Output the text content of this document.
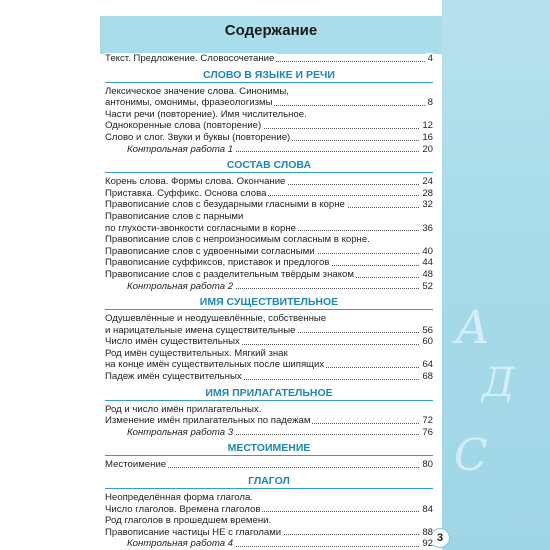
A
Д
С
Содержание
Текст. Предложение. Словосочетание	4
СЛОВО В ЯЗЫКЕ И РЕЧИ
Лексическое значение слова. Синонимы,
антонимы, омонимы, фразеологизмы	8
Части речи (повторение). Имя числительное.
Однокоренные слова (повторение)	12
Слово и слог. Звуки и буквы (повторение)	16
Контрольная работа 1	20
СОСТАВ СЛОВА
Корень слова. Формы слова. Окончание	24
Приставка. Суффикс. Основа слова	28
Правописание слов с безударными гласными в корне	32
Правописание слов с парными
по глухости-звонкости согласными в корне	36
Правописание слов с непроизносимым согласным в корне.
Правописание слов с удвоенными согласными	40
Правописание суффиксов, приставок и предлогов	44
Правописание слов с разделительным твёрдым знаком	48
Контрольная работа 2	52
ИМЯ СУЩЕСТВИТЕЛЬНОЕ
Одушевлённые и неодушевлённые, собственные
и нарицательные имена существительные	56
Число имён существительных	60
Род имён существительных. Мягкий знак
на конце имён существительных после шипящих	64
Падеж имён существительных	68
ИМЯ ПРИЛАГАТЕЛЬНОЕ
Род и число имён прилагательных.
Изменение имён прилагательных по падежам	72
Контрольная работа 3	76
МЕСТОИМЕНИЕ
Местоимение	80
ГЛАГОЛ
Неопределённая форма глагола.
Число глаголов. Времена глаголов	84
Род глаголов в прошедшем времени.
Правописание частицы НЕ с глаголами	88
Контрольная работа 4	92 3
